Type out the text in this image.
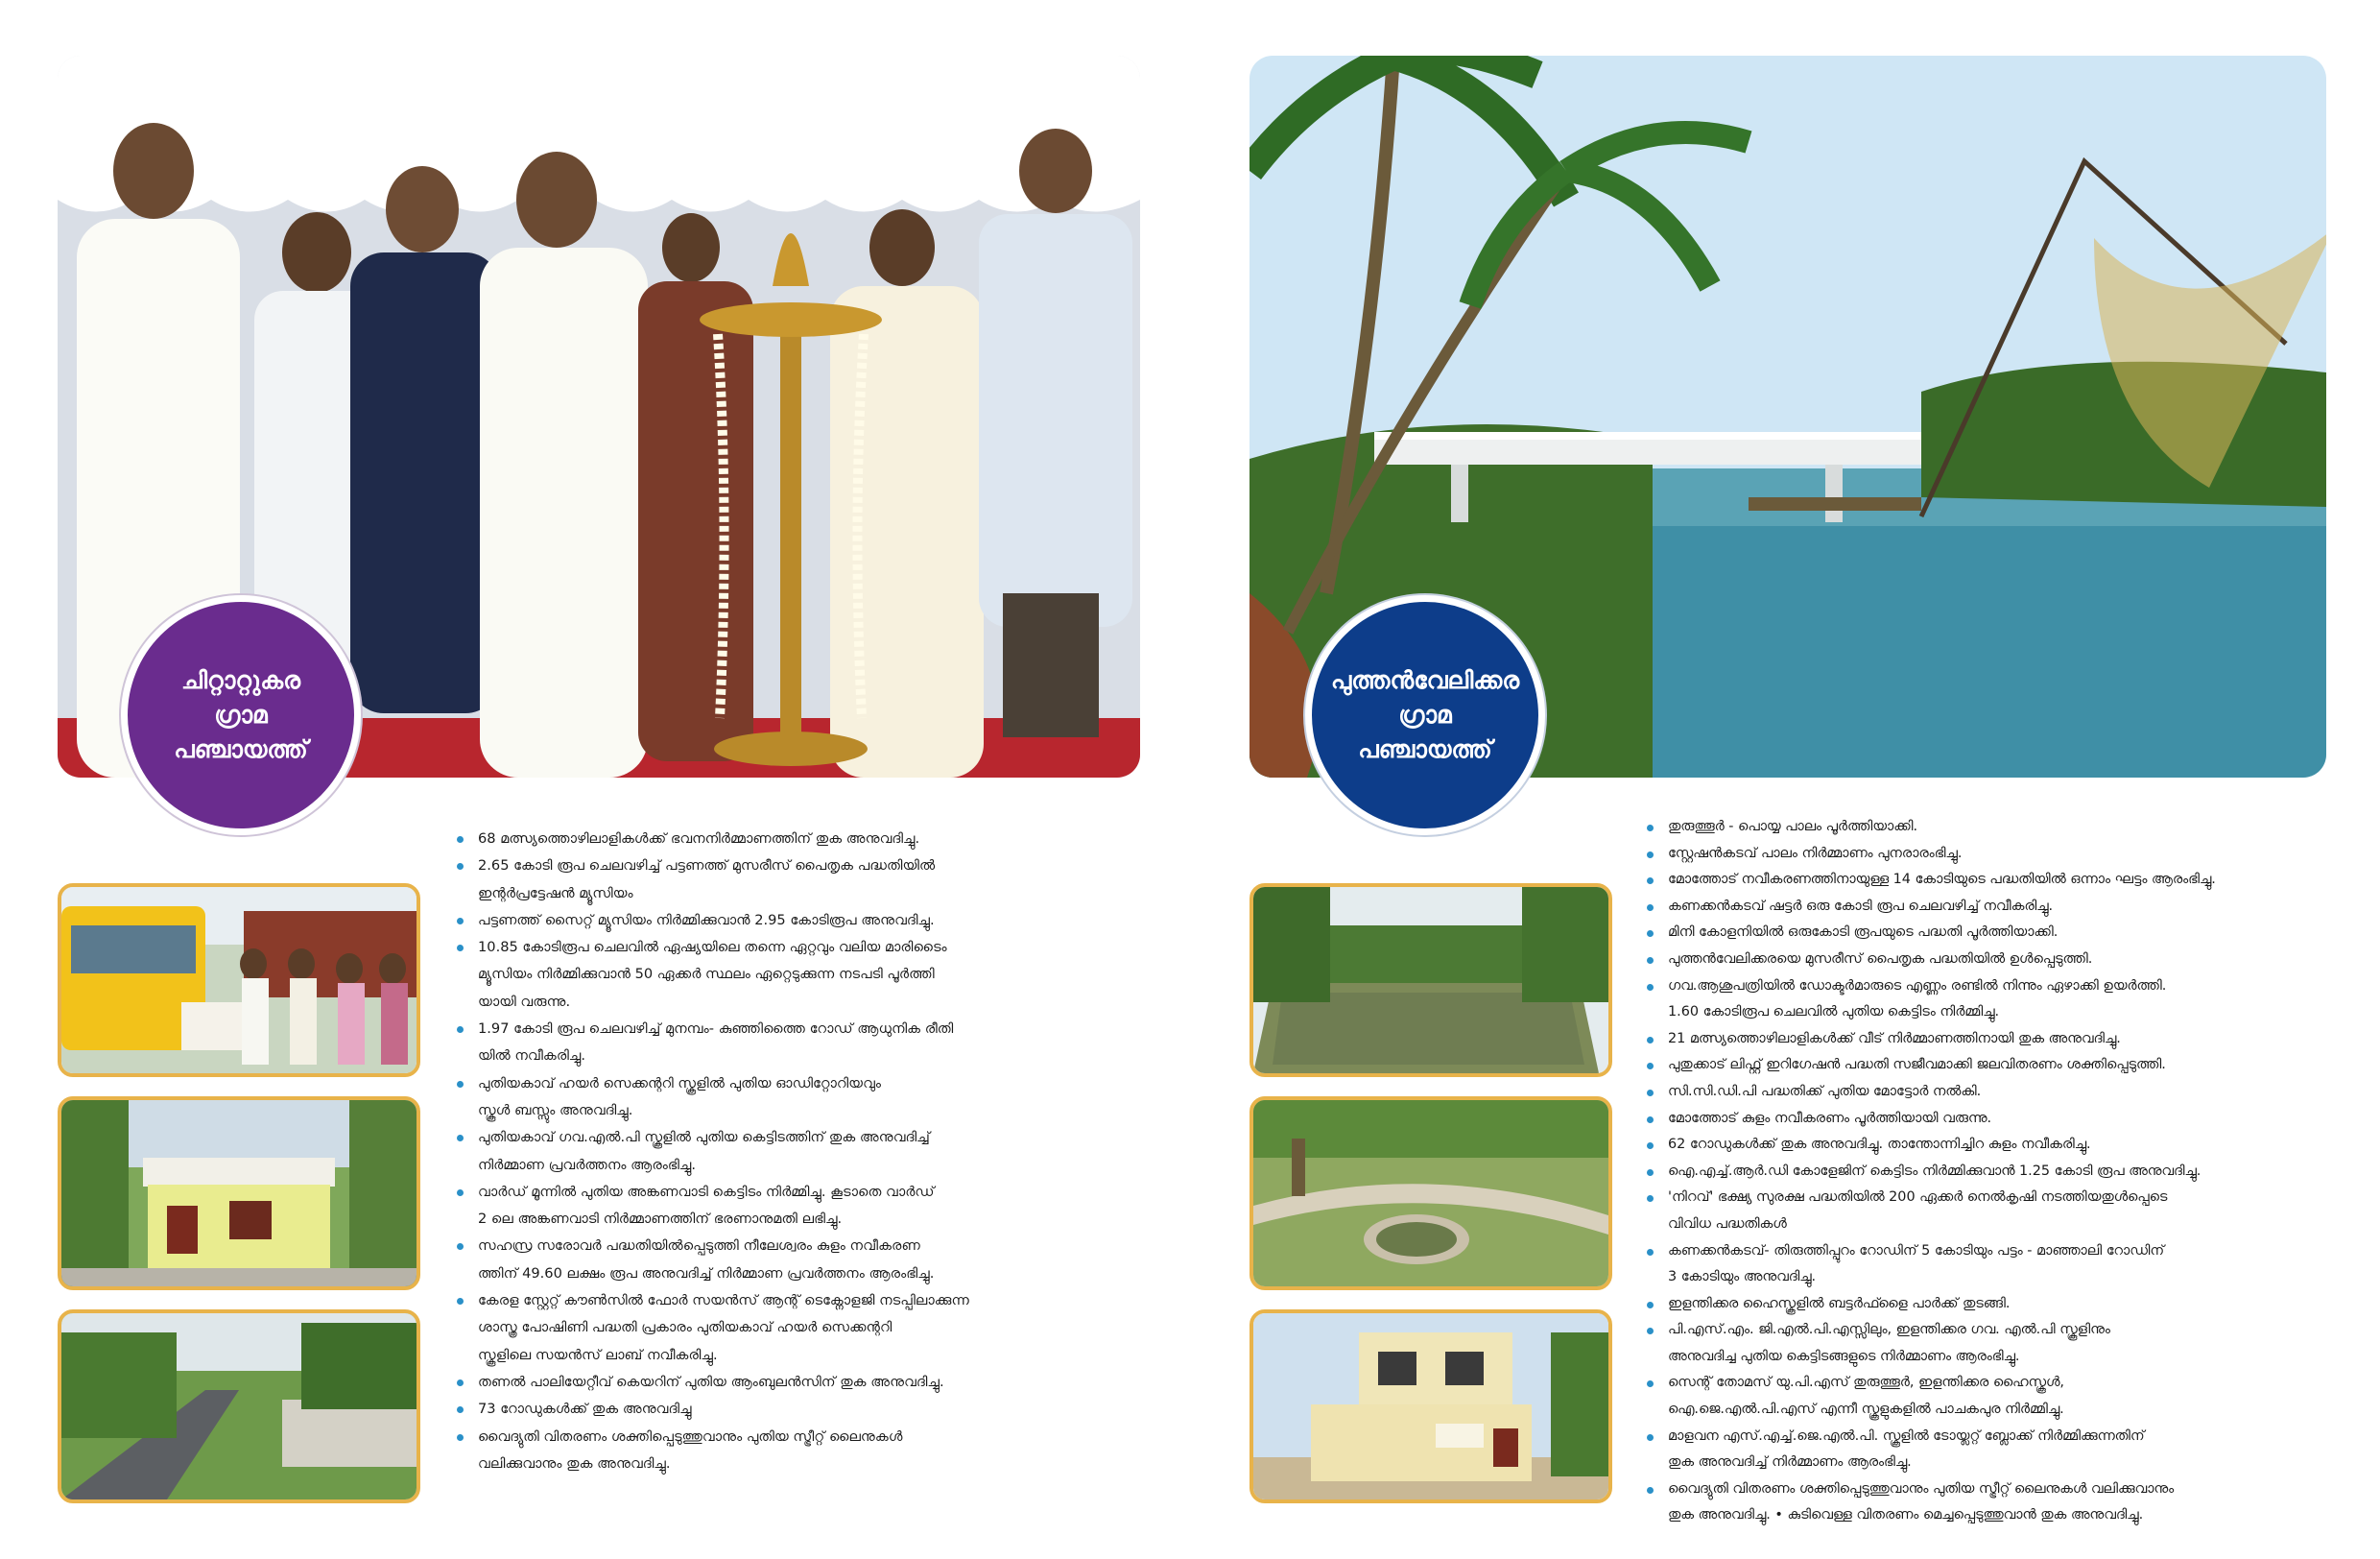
ചിറ്റാറ്റുകര
ഗ്രാമ
പഞ്ചായത്ത്
68 മത്സ്യത്തൊഴിലാളികൾക്ക് ഭവനനിർമ്മാണത്തിന് തുക അനുവദിച്ചു.
2.65 കോടി രൂപ ചെലവഴിച്ച് പട്ടണത്ത് മുസരീസ് പൈതൃക പദ്ധതിയിൽ
ഇന്റർപ്രട്ടേഷൻ മ്യൂസിയം
പട്ടണത്ത് സൈറ്റ് മ്യൂസിയം നിർമ്മിക്കുവാൻ 2.95 കോടിരൂപ അനുവദിച്ചു.
10.85 കോടിരൂപ ചെലവിൽ ഏഷ്യയിലെ തന്നെ ഏറ്റവും വലിയ മാരിടൈം
മ്യൂസിയം നിർമ്മിക്കുവാൻ 50 ഏക്കർ സ്ഥലം ഏറ്റെടുക്കുന്ന നടപടി പൂർത്തി
യായി വരുന്നു.
1.97 കോടി രൂപ ചെലവഴിച്ച് മുനമ്പം- കുഞ്ഞിത്തൈ റോഡ് ആധുനിക രീതി
യിൽ നവീകരിച്ചു.
പുതിയകാവ് ഹയർ സെക്കന്ററി സ്കൂളിൽ പുതിയ ഓഡിറ്റോറിയവും
സ്കൂൾ ബസ്സും അനുവദിച്ചു.
പുതിയകാവ് ഗവ.എൽ.പി സ്കൂളിൽ പുതിയ കെട്ടിടത്തിന് തുക അനുവദിച്ച്
നിർമ്മാണ പ്രവർത്തനം ആരംഭിച്ചു.
വാർഡ് മൂന്നിൽ പുതിയ അങ്കണവാടി കെട്ടിടം നിർമ്മിച്ചു. കൂടാതെ വാർഡ്
2 ലെ അങ്കണവാടി നിർമ്മാണത്തിന് ഭരണാനുമതി ലഭിച്ചു.
സഹസ്ര സരോവർ പദ്ധതിയിൽപ്പെടുത്തി നീലേശ്വരം കുളം നവീകരണ
ത്തിന് 49.60 ലക്ഷം രൂപ അനുവദിച്ച് നിർമ്മാണ പ്രവർത്തനം ആരംഭിച്ചു.
കേരള സ്റ്റേറ്റ് കൗൺസിൽ ഫോർ സയൻസ് ആന്റ് ടെക്നോളജി നടപ്പിലാക്കുന്ന
ശാസ്ത്ര പോഷിണി പദ്ധതി പ്രകാരം പുതിയകാവ് ഹയർ സെക്കന്ററി
സ്കൂളിലെ സയൻസ് ലാബ് നവീകരിച്ചു.
തണൽ പാലിയേറ്റീവ് കെയറിന് പുതിയ ആംബുലൻസിന് തുക അനുവദിച്ചു.
73 റോഡുകൾക്ക് തുക അനുവദിച്ചു
വൈദ്യുതി വിതരണം ശക്തിപ്പെടുത്തുവാനും പുതിയ സ്ട്രീറ്റ് ലൈനുകൾ
വലിക്കുവാനും തുക അനുവദിച്ചു.
പുത്തൻവേലിക്കര
ഗ്രാമ
പഞ്ചായത്ത്
തുരുത്തൂർ - പൊയ്യ പാലം പൂർത്തിയാക്കി.
സ്റ്റേഷൻകടവ് പാലം നിർമ്മാണം പുനരാരംഭിച്ചു.
മോത്തോട് നവീകരണത്തിനായുള്ള 14 കോടിയുടെ പദ്ധതിയിൽ ഒന്നാം ഘട്ടം ആരംഭിച്ചു.
കണക്കൻകടവ് ഷട്ടർ ഒരു കോടി രൂപ ചെലവഴിച്ച് നവീകരിച്ചു.
മിനി കോളനിയിൽ ഒരുകോടി രൂപയുടെ പദ്ധതി പൂർത്തിയാക്കി.
പുത്തൻവേലിക്കരയെ മുസരീസ് പൈതൃക പദ്ധതിയിൽ ഉൾപ്പെടുത്തി.
ഗവ.ആശുപത്രിയിൽ ഡോക്ടർമാരുടെ എണ്ണം രണ്ടിൽ നിന്നും ഏഴാക്കി ഉയർത്തി.
1.60 കോടിരൂപ ചെലവിൽ പുതിയ കെട്ടിടം നിർമ്മിച്ചു.
21 മത്സ്യത്തൊഴിലാളികൾക്ക് വീട് നിർമ്മാണത്തിനായി തുക അനുവദിച്ചു.
പുതുക്കാട് ലിഫ്റ്റ് ഇറിഗേഷൻ പദ്ധതി സജീവമാക്കി ജലവിതരണം ശക്തിപ്പെടുത്തി.
സി.സി.ഡി.പി പദ്ധതിക്ക് പുതിയ മോട്ടോർ നൽകി.
മോത്തോട് കുളം നവീകരണം പൂർത്തിയായി വരുന്നു.
62 റോഡുകൾക്ക് തുക അനുവദിച്ചു. താന്തോന്നിച്ചിറ കുളം നവീകരിച്ചു.
ഐ.എച്ച്.ആർ.ഡി കോളേജിന് കെട്ടിടം നിർമ്മിക്കുവാൻ 1.25 കോടി രൂപ അനുവദിച്ചു.
'നിറവ്' ഭക്ഷ്യ സുരക്ഷ പദ്ധതിയിൽ 200 ഏക്കർ നെൽകൃഷി നടത്തിയതുൾപ്പെടെ
വിവിധ പദ്ധതികൾ
കണക്കൻകടവ്- തിരുത്തിപ്പുറം റോഡിന് 5 കോടിയും പട്ടം - മാഞ്ഞാലി റോഡിന്
3 കോടിയും അനുവദിച്ചു.
ഇളന്തിക്കര ഹൈസ്കൂളിൽ ബട്ടർഫ്ളൈ പാർക്ക് തുടങ്ങി.
പി.എസ്.എം. ജി.എൽ.പി.എസ്സിലും, ഇളന്തിക്കര ഗവ. എൽ.പി സ്കൂളിനും
അനുവദിച്ച പുതിയ കെട്ടിടങ്ങളുടെ നിർമ്മാണം ആരംഭിച്ചു.
സെന്റ് തോമസ് യു.പി.എസ് തുരുത്തൂർ, ഇളന്തിക്കര ഹൈസ്കൂൾ,
ഐ.ജെ.എൽ.പി.എസ് എന്നീ സ്കൂളുകളിൽ പാചകപുര നിർമ്മിച്ചു.
മാളവന എസ്.എച്ച്.ജെ.എൽ.പി. സ്കൂളിൽ ടോയ്ലറ്റ് ബ്ലോക്ക് നിർമ്മിക്കുന്നതിന്
തുക അനുവദിച്ച് നിർമ്മാണം ആരംഭിച്ചു.
വൈദ്യുതി വിതരണം ശക്തിപ്പെടുത്തുവാനും പുതിയ സ്ട്രീറ്റ് ലൈനുകൾ വലിക്കുവാനും
തുക അനുവദിച്ചു. • കുടിവെള്ള വിതരണം മെച്ചപ്പെടുത്തുവാൻ തുക അനുവദിച്ചു.
